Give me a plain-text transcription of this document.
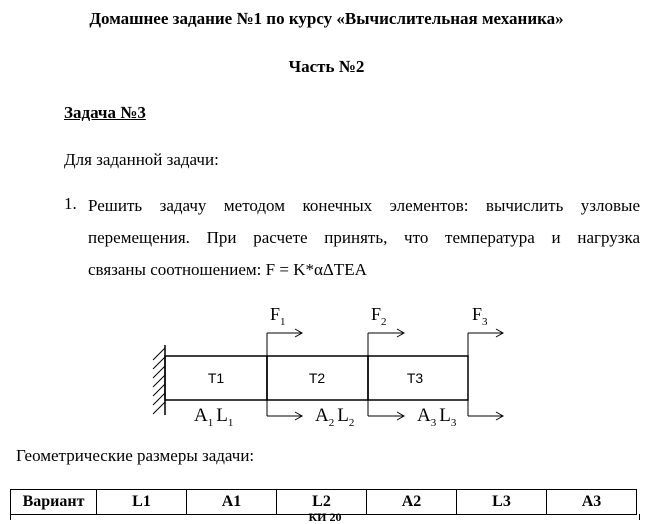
Домашнее задание №1 по курсу «Вычислительная механика»
Часть №2
Задача №3
Для заданной задачи:
1. Решить задачу методом конечных элементов: вычислить узловые
перемещения. При расчете принять, что температура и нагрузка
связаны соотношением: F = K*αΔTEA
T1	T2	T3
$F_1$	$F_2$	$F_3$
$A_1$ $L_1$	$A_2$ $L_2$	$A_3$ $L_3$
Геометрические размеры задачи:
Вариант	L1	A1	L2	A2	L3	A3
КИ 20
